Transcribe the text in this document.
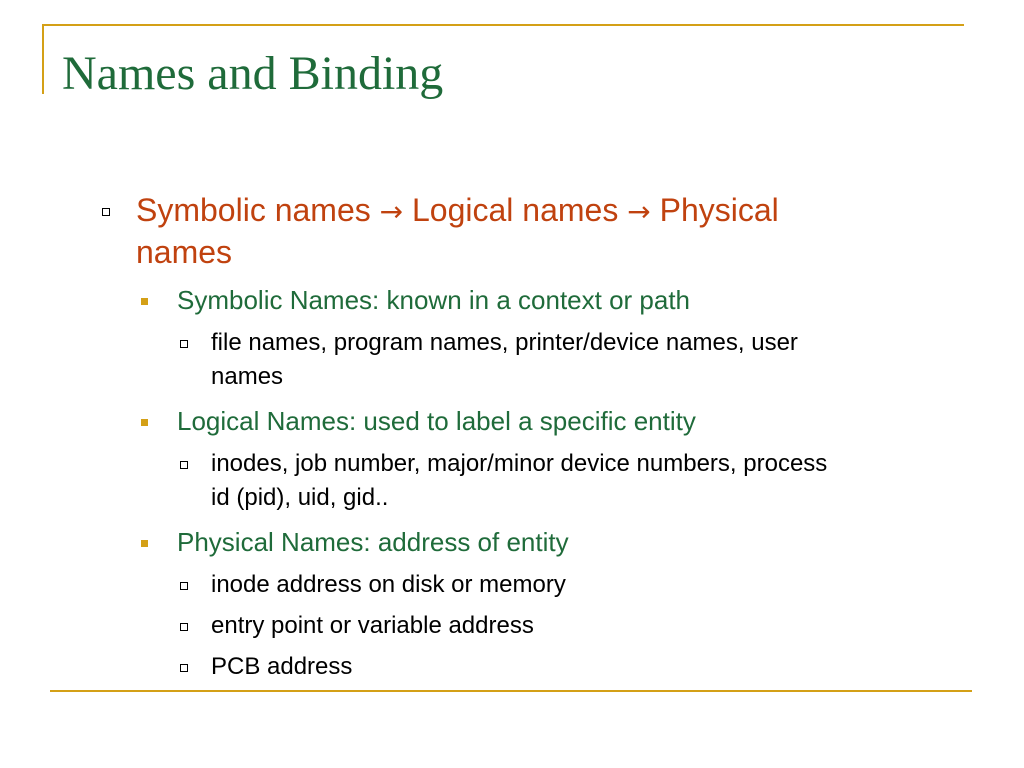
Names and Binding
Symbolic names → Logical names → Physical
names
Symbolic Names: known in a context or path
file names, program names, printer/device names, user
names
Logical Names: used to label a specific entity
inodes, job number, major/minor device numbers, process
id (pid), uid, gid..
Physical Names: address of entity
inode address on disk or memory
entry point or variable address
PCB address
